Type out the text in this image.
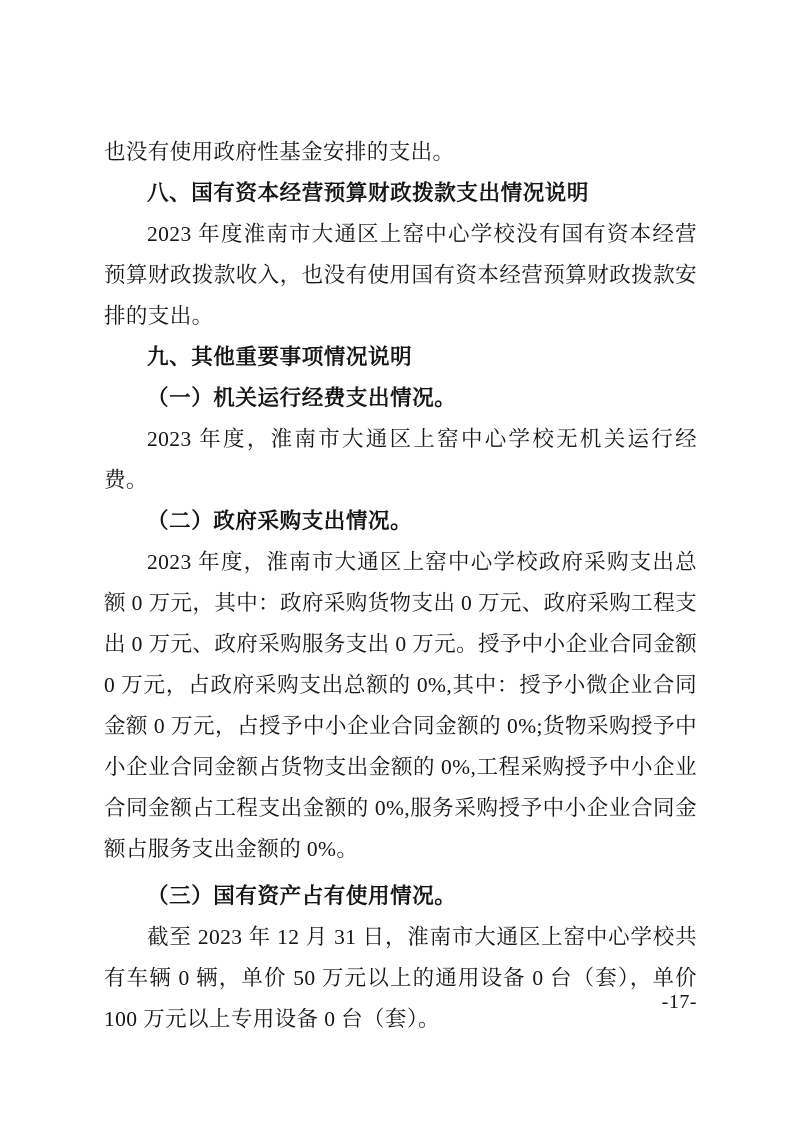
也没有使用政府性基金安排的支出。

八、国有资本经营预算财政拨款支出情况说明

2023 年度淮南市大通区上窑中心学校没有国有资本经营预算财政拨款收入，也没有使用国有资本经营预算财政拨款安排的支出。

九、其他重要事项情况说明

（一）机关运行经费支出情况。

2023 年度，淮南市大通区上窑中心学校无机关运行经费。

（二）政府采购支出情况。

2023 年度，淮南市大通区上窑中心学校政府采购支出总额 0 万元，其中：政府采购货物支出 0 万元、政府采购工程支出 0 万元、政府采购服务支出 0 万元。授予中小企业合同金额 0 万元，占政府采购支出总额的 0%,其中：授予小微企业合同金额 0 万元，占授予中小企业合同金额的 0%;货物采购授予中小企业合同金额占货物支出金额的 0%,工程采购授予中小企业合同金额占工程支出金额的 0%,服务采购授予中小企业合同金额占服务支出金额的 0%。

（三）国有资产占有使用情况。

截至 2023 年 12 月 31 日，淮南市大通区上窑中心学校共有车辆 0 辆，单价 50 万元以上的通用设备 0 台（套），单价 100 万元以上专用设备 0 台（套）。

-17-
